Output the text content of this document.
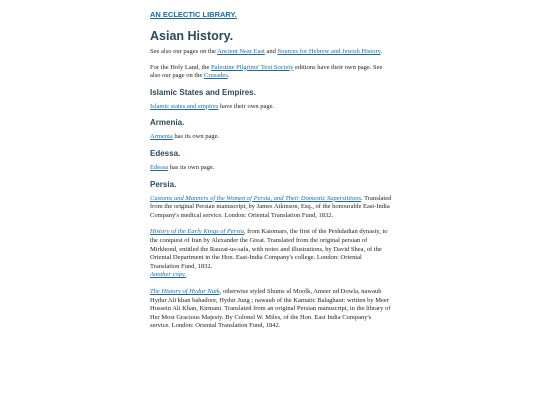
AN ECLECTIC LIBRARY.
Asian History.

See also our pages on the Ancient Near East and Sources for Hebrew and Jewish History.

For the Holy Land, the Palestine Pilgrims' Text Society editions have their own page. See also our page on the Crusades.

Islamic States and Empires.

Islamic states and empires have their own page.

Armenia.

Armenia has its own page.

Edessa.

Edessa has its own page.

Persia.

Customs and Manners of the Women of Persia, and Their Domestic Superstitions. Translated from the original Persian manuscript, by James Atkinson, Esq., of the honourable East-India Company's medical service. London: Oriental Translation Fund, 1832.

History of the Early Kings of Persia, from Kaiomars, the first of the Peshdadian dynasty, to the conquest of Iran by Alexander the Great. Translated from the original persian of Mirkhond, entitled the Rauzat-us-safa, with notes and illustrations, by David Shea, of the Oriental Department in the Hon. East-India Company's college. London: Oriental Translation Fund, 1832.
Another copy.

The History of Hydur Naik, otherwise styled Shums ul Moolk, Ameer ud Dowla, nawaub Hydur Ali khan bahadoor, Hydur Jung ; nawaub of the Karnatic Balaghaut: written by Meer Hussein Ali Khan, Kirmani. Translated from an original Persian manuscript, in the library of Her Most Gracious Majesty. By Colonel W. Miles, of the Hon. East India Company's service. London: Oriental Translation Fund, 1842.
